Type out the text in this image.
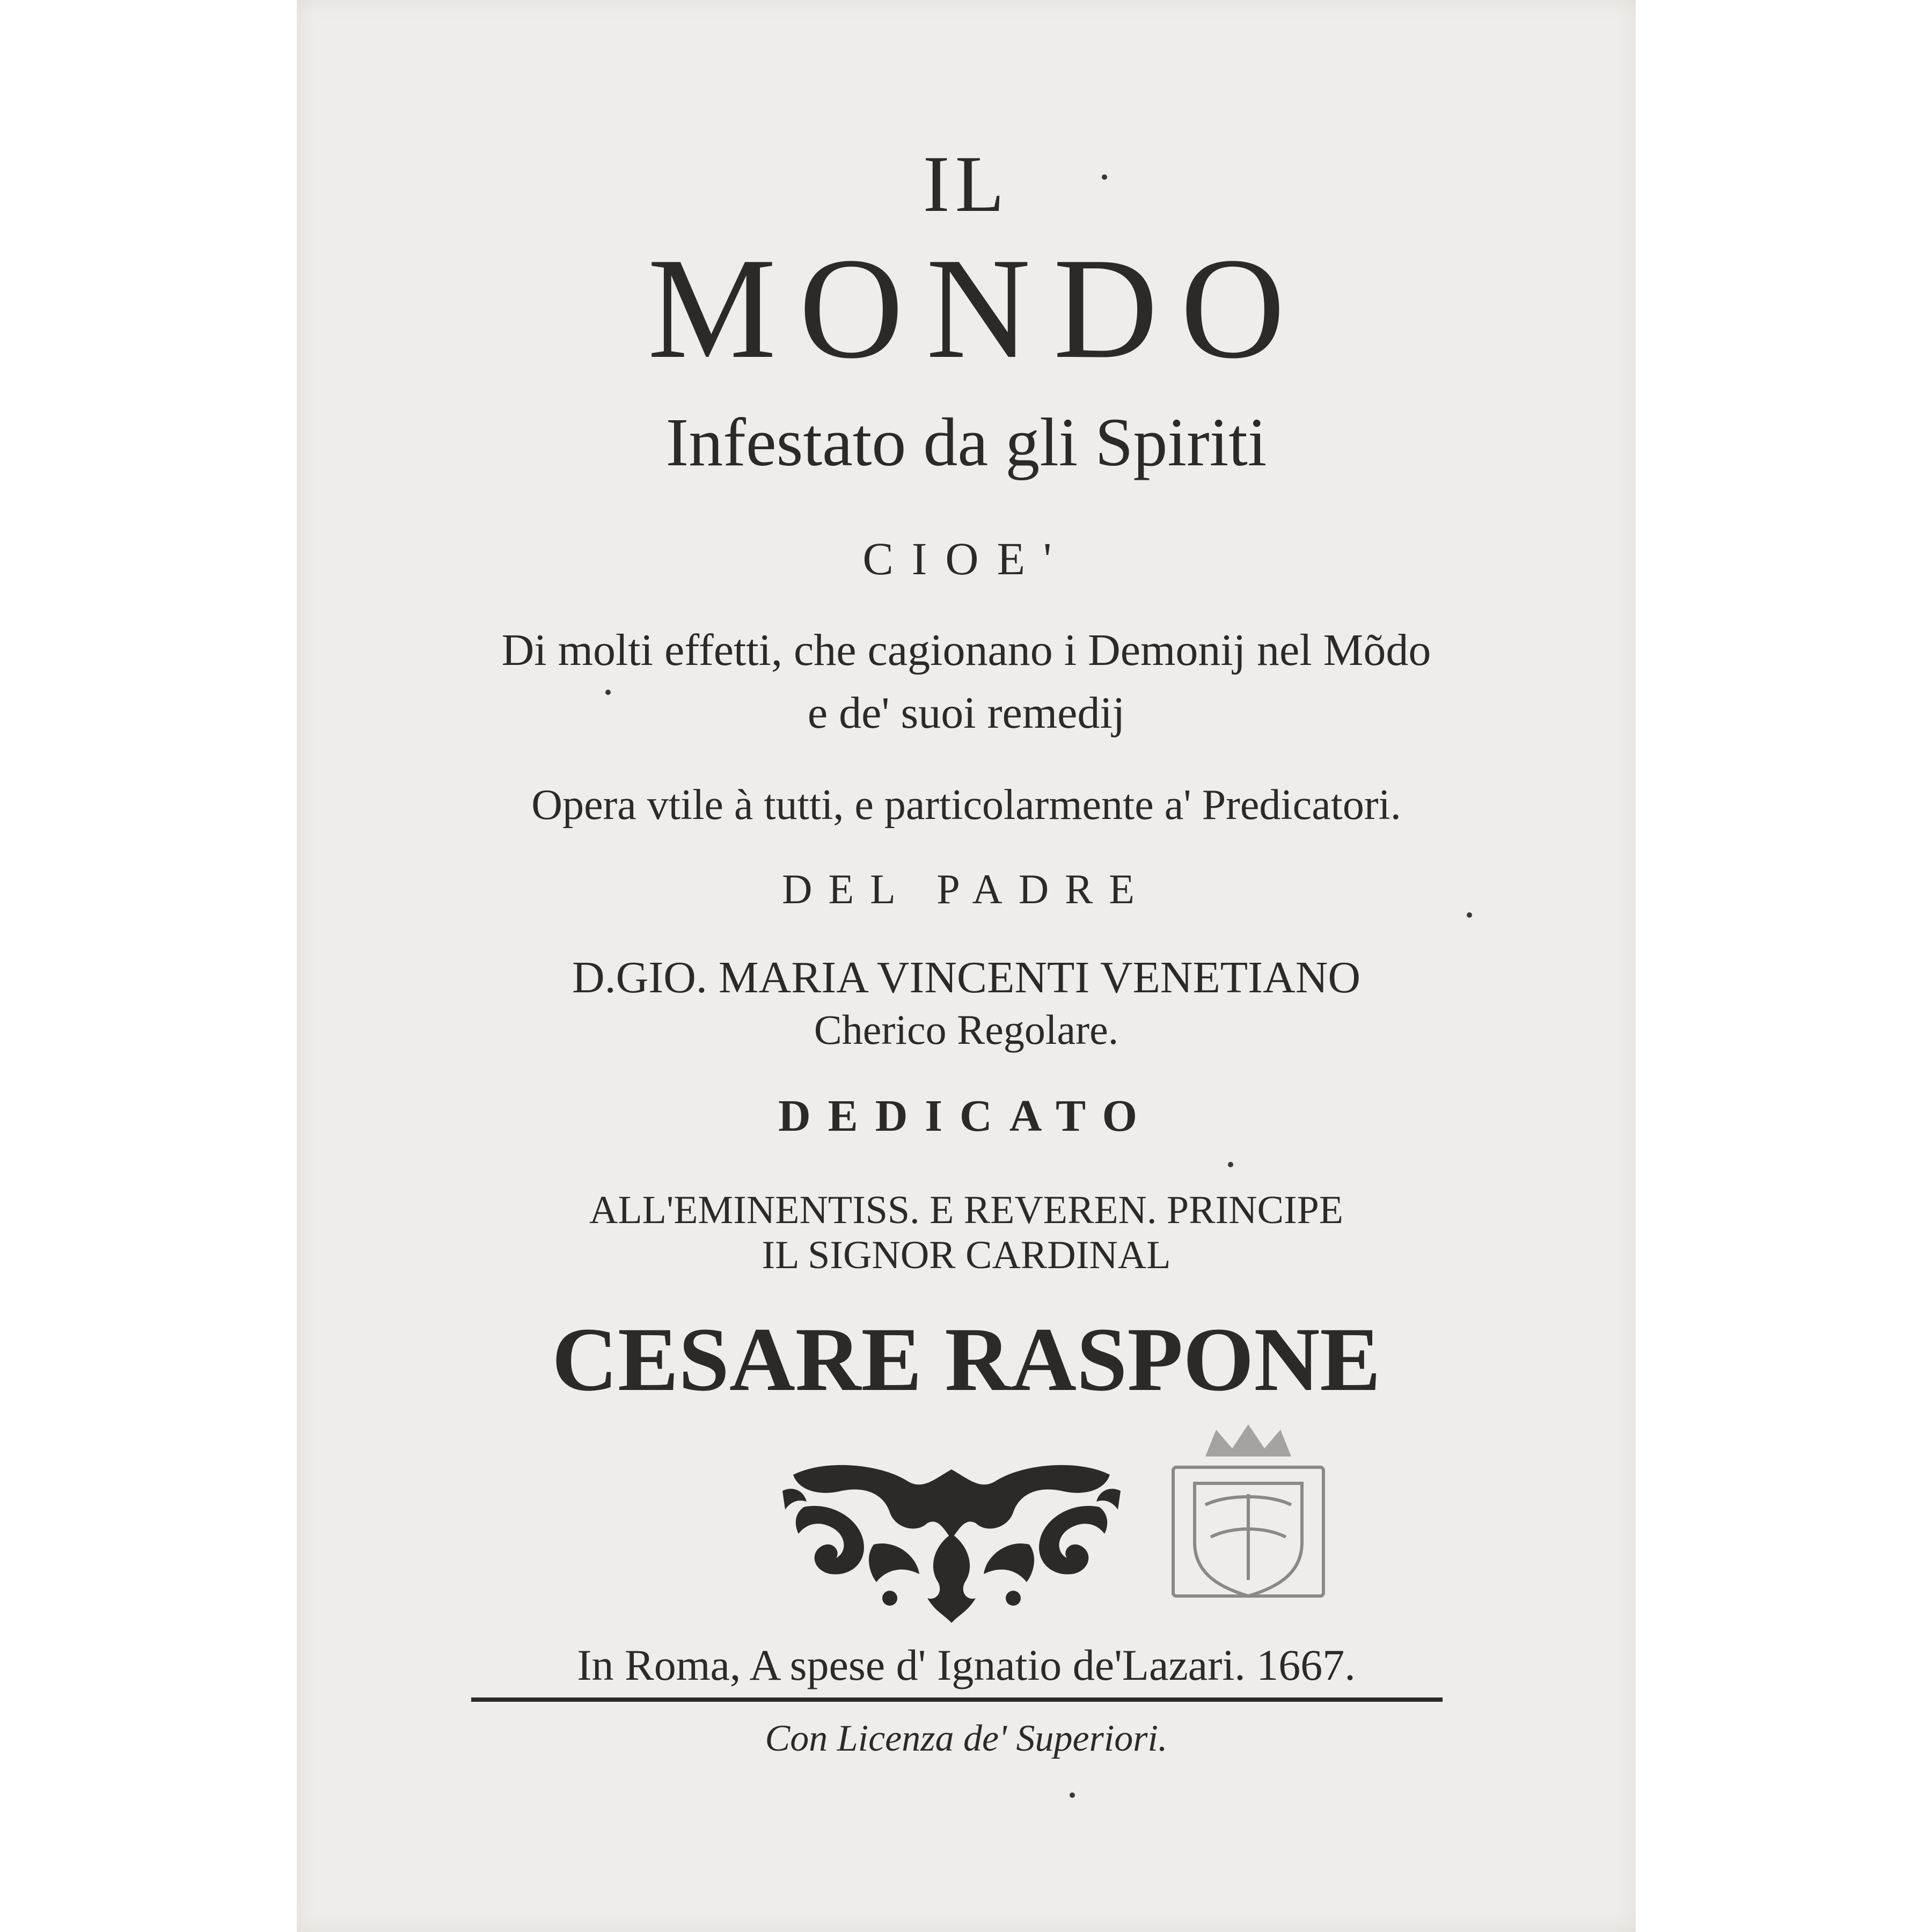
IL
MONDO
Infestato da gli Spiriti
CIOE'
Di molti effetti, che cagionano i Demonij nel Mõdo
e de' suoi remedij
Opera vtile à tutti, e particolarmente a' Predicatori.
DEL PADRE
D.GIO. MARIA VINCENTI VENETIANO
Cherico Regolare.
DEDICATO
ALL'EMINENTISS. E REVEREN. PRINCIPE
IL SIGNOR CARDINAL
CESARE RASPONE
In Roma, A spese d' Ignatio de'Lazari. 1667.
Con Licenza de' Superiori.
